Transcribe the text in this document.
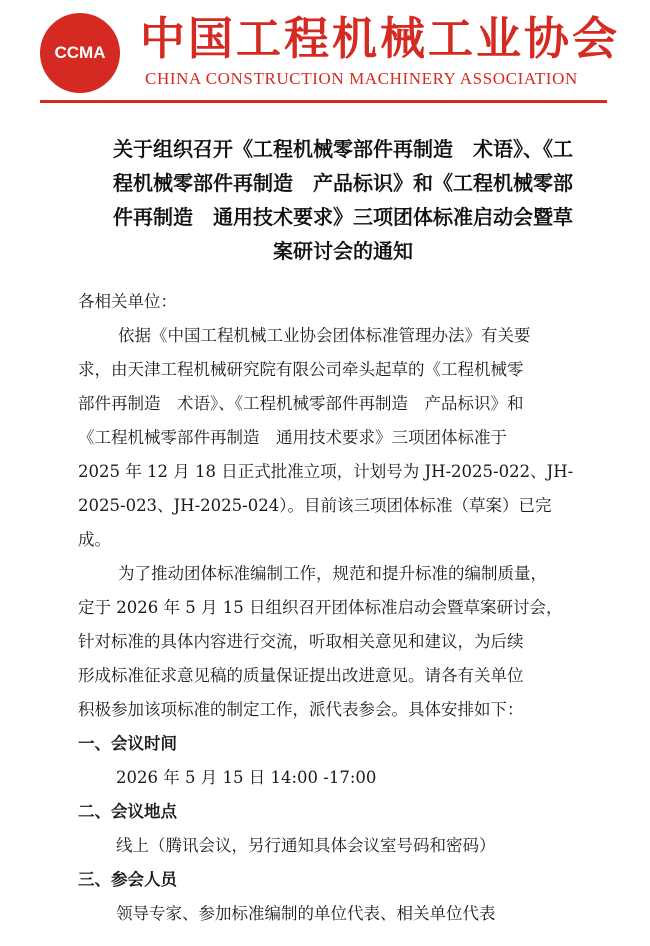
CCMA 中国工程机械工业协会
CHINA CONSTRUCTION MACHINERY ASSOCIATION
关于组织召开《工程机械零部件再制造　术语》、《工
程机械零部件再制造　产品标识》和《工程机械零部
件再制造　通用技术要求》三项团体标准启动会暨草
案研讨会的通知
各相关单位：
依据《中国工程机械工业协会团体标准管理办法》有关要
求，由天津工程机械研究院有限公司牵头起草的《工程机械零
部件再制造　术语》、《工程机械零部件再制造　产品标识》和
《工程机械零部件再制造　通用技术要求》三项团体标准于
2025 年 12 月 18 日正式批准立项，计划号为 JH-2025-022、JH-
2025-023、JH-2025-024）。目前该三项团体标准（草案）已完
成。
为了推动团体标准编制工作，规范和提升标准的编制质量，
定于 2026 年 5 月 15 日组织召开团体标准启动会暨草案研讨会，
针对标准的具体内容进行交流，听取相关意见和建议，为后续
形成标准征求意见稿的质量保证提出改进意见。请各有关单位
积极参加该项标准的制定工作，派代表参会。具体安排如下：
一、会议时间
2026 年 5 月 15 日 14:00 -17:00
二、会议地点
线上（腾讯会议，另行通知具体会议室号码和密码）
三、参会人员
领导专家、参加标准编制的单位代表、相关单位代表
